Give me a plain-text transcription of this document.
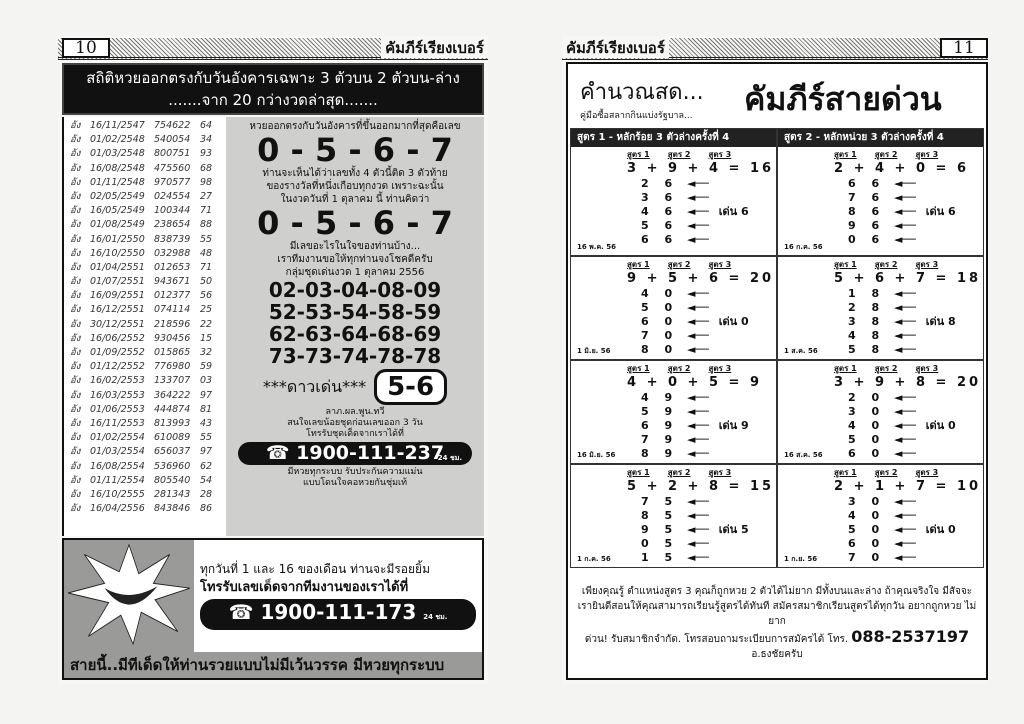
10	คัมภีร์เรียงเบอร์
สถิติหวยออกตรงกับวันอังคารเฉพาะ 3 ตัวบน 2 ตัวบน-ล่าง
.......จาก 20 กว่างวดล่าสุด.......
อัง	16/11/2547 754622	64
อัง	01/02/2548 540054	34
อัง	01/03/2548 800751	93
อัง	16/08/2548 475560	68
อัง	01/11/2548 970577	98
อัง	02/05/2549 024554	27
อัง	16/05/2549 100344	71
อัง	01/08/2549 238654	88
อัง	16/01/2550 838739	55
อัง	16/10/2550 032988	48
อัง	01/04/2551 012653	71
อัง	01/07/2551 943671	50
อัง	16/09/2551 012377	56
อัง	16/12/2551 074114	25
อัง	30/12/2551 218596	22
อัง	16/06/2552 930456	15
อัง	01/09/2552 015865	32
อัง	01/12/2552 776980	59
อัง	16/02/2553 133707	03
อัง	16/03/2553 364222	97
อัง	01/06/2553 444874	81
อัง	16/11/2553 813993	43
อัง	01/02/2554 610089	55
อัง	01/03/2554 656037	97
อัง	16/08/2554 536960	62
อัง	01/11/2554 805540	54
อัง	16/10/2555 281343	28
อัง	16/04/2556 843846	86
หวยออกตรงกับวันอังคารที่ขึ้นออกมากที่สุดคือเลข
0 - 5 - 6 - 7
ท่านจะเห็นได้ว่าเลขทั้ง 4 ตัวนี้ติด 3 ตัวท้าย
ของรางวัลที่หนึ่งเกือบทุกงวด เพราะฉะนั้น
ในงวดวันที่ 1 ตุลาคม นี้ ท่านคิดว่า
0 - 5 - 6 - 7
มีเลขอะไรในใจของท่านบ้าง...
เราทีมงานขอให้ทุกท่านจงโชคดีครับ
กลุ่มชุดเด่นงวด 1 ตุลาคม 2556
02-03-04-08-09
52-53-54-58-59
62-63-64-68-69
73-73-74-78-78
***ดาวเด่น*** 5-6
ลาภ.ผล.พูน.ทวี
สนใจเลขน้อยชุดก่อนเลขออก 3 วัน
โทรรับชุดเด็ดจากเราได้ที่
☎ 1900-111-237
24 ชม.
มีหวยทุกระบบ รับประกันความแม่น
แบบโดนใจคอหวยกันชุ่มเท้
ทุกวันที่ 1 และ 16 ของเดือน ท่านจะมีรอยยิ้ม
โทรรับเลขเด็ดจากทีมงานของเราได้ที่
☎ 1900-111-173 24 ชม.
สายนี้..มีทีเด็ดให้ท่านรวยแบบไม่มีเว้นวรรค มีหวยทุกระบบ
คัมภีร์เรียงเบอร์	11
คำนวณสด...
คู่มือซื้อสลากกินแบ่งรัฐบาล... คัมภีร์สายด่วน
สูตร 1 - หลักร้อย 3 ตัวล่างครั้งที่ 4
สูตร 1 สูตร 2 สูตร 3
3 + 9 + 4 = 16
2 6 ◄──
3 6 ◄──
4 6 ◄── เด่น 6
5 6 ◄──
6 6 ◄──
16 พ.ค. 56
สูตร 2 - หลักหน่วย 3 ตัวล่างครั้งที่ 4
สูตร 1 สูตร 2 สูตร 3
2 + 4 + 0 = 6
6 6 ◄──
7 6 ◄──
8 6 ◄── เด่น 6
9 6 ◄──
0 6 ◄──
16 ก.ค. 56
สูตร 1 สูตร 2 สูตร 3
9 + 5 + 6 = 20
4 0 ◄──
5 0 ◄──
6 0 ◄── เด่น 0
7 0 ◄──
8 0 ◄──
1 มิ.ย. 56
สูตร 1 สูตร 2 สูตร 3
5 + 6 + 7 = 18
1 8 ◄──
2 8 ◄──
3 8 ◄── เด่น 8
4 8 ◄──
5 8 ◄──
1 ส.ค. 56
สูตร 1 สูตร 2 สูตร 3
4 + 0 + 5 = 9
4 9 ◄──
5 9 ◄──
6 9 ◄── เด่น 9
7 9 ◄──
8 9 ◄──
16 มิ.ย. 56
สูตร 1 สูตร 2 สูตร 3
3 + 9 + 8 = 20
2 0 ◄──
3 0 ◄──
4 0 ◄── เด่น 0
5 0 ◄──
6 0 ◄──
16 ส.ค. 56
สูตร 1 สูตร 2 สูตร 3
5 + 2 + 8 = 15
7 5 ◄──
8 5 ◄──
9 5 ◄── เด่น 5
0 5 ◄──
1 5 ◄──
1 ก.ค. 56
สูตร 1 สูตร 2 สูตร 3
2 + 1 + 7 = 10
3 0 ◄──
4 0 ◄──
5 0 ◄── เด่น 0
6 0 ◄──
7 0 ◄──
1 ก.ย. 56
เพียงคุณรู้ ตำแหน่งสูตร 3 คุณก็ถูกหวย 2 ตัวได้ไม่ยาก มีทั้งบนและล่าง ถ้าคุณจริงใจ มีสัจจะ
เรายินดีสอนให้คุณสามารถเรียนรู้สูตรได้ทันที สมัครสมาชิกเรียนสูตรได้ทุกวัน อยากถูกหวย ไม่ยาก
ด่วน! รับสมาชิกจำกัด. โทรสอบถามระเบียบการสมัครได้ โทร. 088-2537197 อ.ธงชัยครับ
